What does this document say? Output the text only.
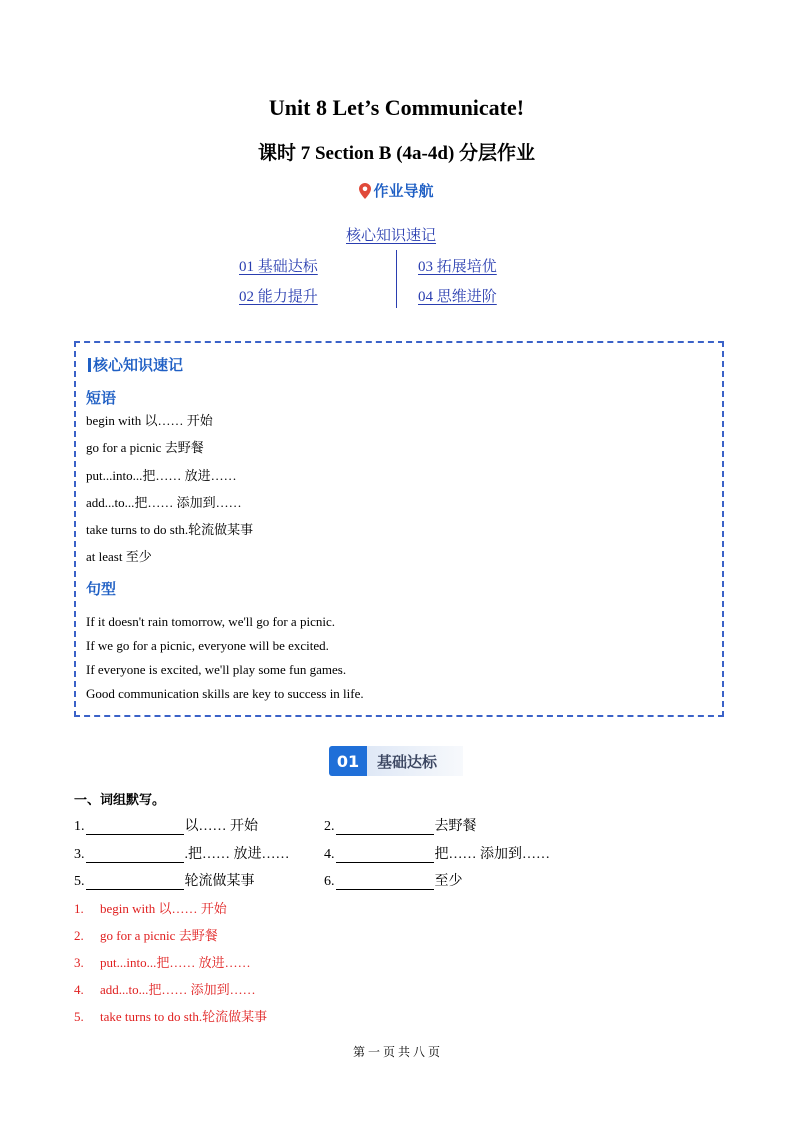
Unit 8 Let’s Communicate!
课时 7 Section B (4a-4d) 分层作业
作业导航
核心知识速记
01 基础达标	03 拓展培优
02 能力提升	04 思维进阶
核心知识速记
短语
begin with 以…… 开始
go for a picnic 去野餐
put...into...把…… 放进……
add...to...把…… 添加到……
take turns to do sth.轮流做某事
at least 至少
句型
If it doesn't rain tomorrow, we'll go for a picnic.
If we go for a picnic, everyone will be excited.
If everyone is excited, we'll play some fun games.
Good communication skills are key to success in life.
01	基础达标
一、词组默写。
1.	以…… 开始	2.	去野餐
3.	.把…… 放进…… 4.	把…… 添加到……
5.	轮流做某事	6.	至少
1. begin with 以…… 开始
2. go for a picnic 去野餐
3. put...into...把…… 放进……
4. add...to...把…… 添加到……
5. take turns to do sth.轮流做某事
第 一 页 共 八 页
